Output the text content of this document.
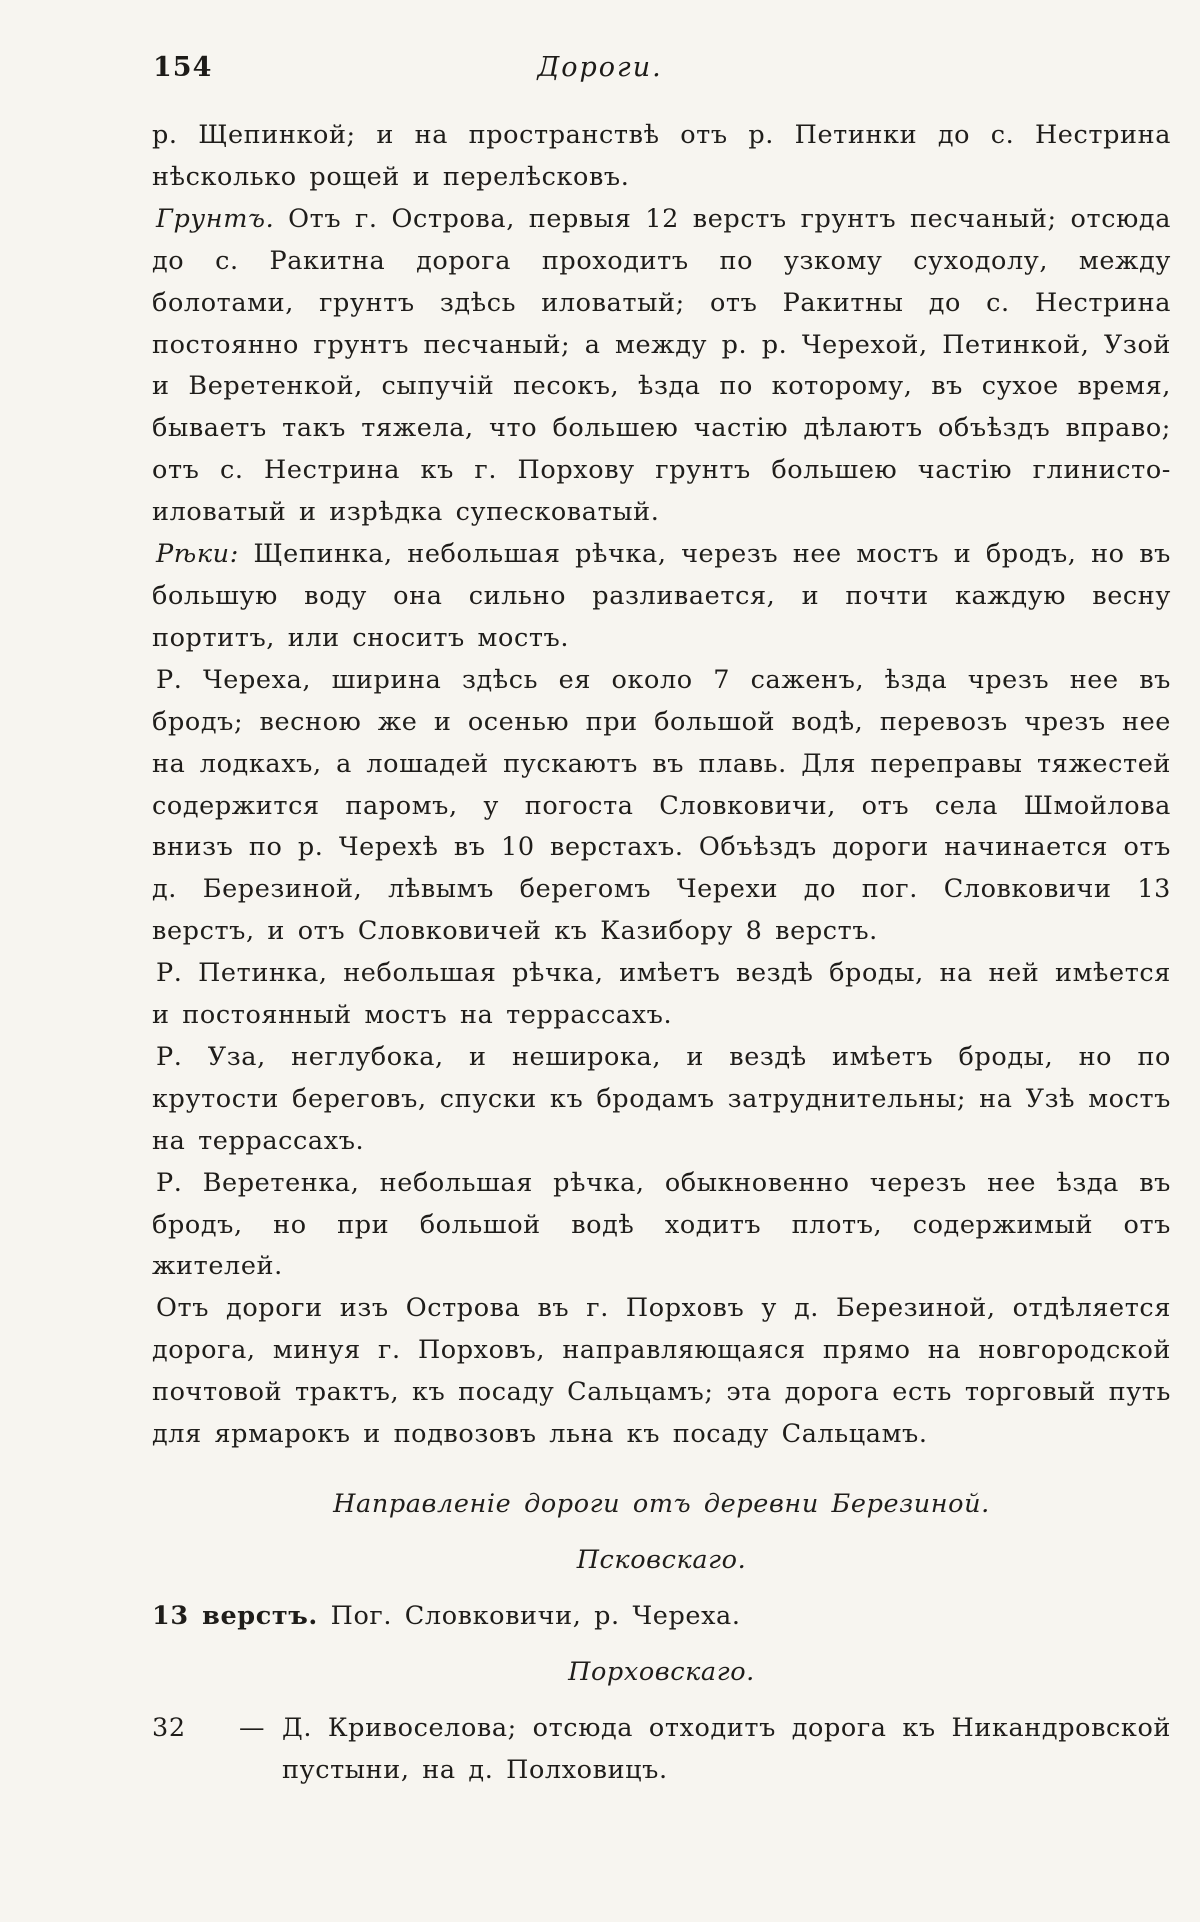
154	Дороги.

р. Щепинкой; и на пространствѣ отъ р. Петинки до с. Нестрина нѣсколько рощей и перелѣсковъ.

Грунтъ. Отъ г. Острова, первыя 12 верстъ грунтъ песчаный; отсюда до с. Ракитна дорога проходитъ по узкому суходолу, между болотами, грунтъ здѣсь иловатый; отъ Ракитны до с. Нестрина постоянно грунтъ песчаный; а между р. р. Черехой, Петинкой, Узой и Веретенкой, сыпучій песокъ, ѣзда по которому, въ сухое время, бываетъ такъ тяжела, что большею частію дѣлаютъ объѣздъ вправо; отъ с. Нестрина къ г. Порхову грунтъ большею частію глинисто-иловатый и изрѣдка супесковатый.

Рѣки: Щепинка, небольшая рѣчка, черезъ нее мостъ и бродъ, но въ большую воду она сильно разливается, и почти каждую весну портитъ, или сноситъ мостъ.

Р. Череха, ширина здѣсь ея около 7 саженъ, ѣзда чрезъ нее въ бродъ; весною же и осенью при большой водѣ, перевозъ чрезъ нее на лодкахъ, а лошадей пускаютъ въ плавь. Для переправы тяжестей содержится паромъ, у погоста Словковичи, отъ села Шмойлова внизъ по р. Черехѣ въ 10 верстахъ. Объѣздъ дороги начинается отъ д. Березиной, лѣвымъ берегомъ Черехи до пог. Словковичи 13 верстъ, и отъ Словковичей къ Казибору 8 верстъ.

Р. Петинка, небольшая рѣчка, имѣетъ вездѣ броды, на ней имѣется и постоянный мостъ на террассахъ.

Р. Уза, неглубока, и неширока, и вездѣ имѣетъ броды, но по крутости береговъ, спуски къ бродамъ затруднительны; на Узѣ мостъ на террассахъ.

Р. Веретенка, небольшая рѣчка, обыкновенно черезъ нее ѣзда въ бродъ, но при большой водѣ ходитъ плотъ, содержимый отъ жителей.

Отъ дороги изъ Острова въ г. Порховъ у д. Березиной, отдѣляется дорога, минуя г. Порховъ, направляющаяся прямо на новгородской почтовой трактъ, къ посаду Сальцамъ; эта дорога есть торговый путь для ярмарокъ и подвозовъ льна къ посаду Сальцамъ.

Направленіе дороги отъ деревни Березиной.

Псковскаго.

13 верстъ. Пог. Словковичи, р. Череха.

Порховскаго.

32	— Д. Кривоселова; отсюда отходитъ дорога къ Никандровской пустыни, на д. Полховицъ.
